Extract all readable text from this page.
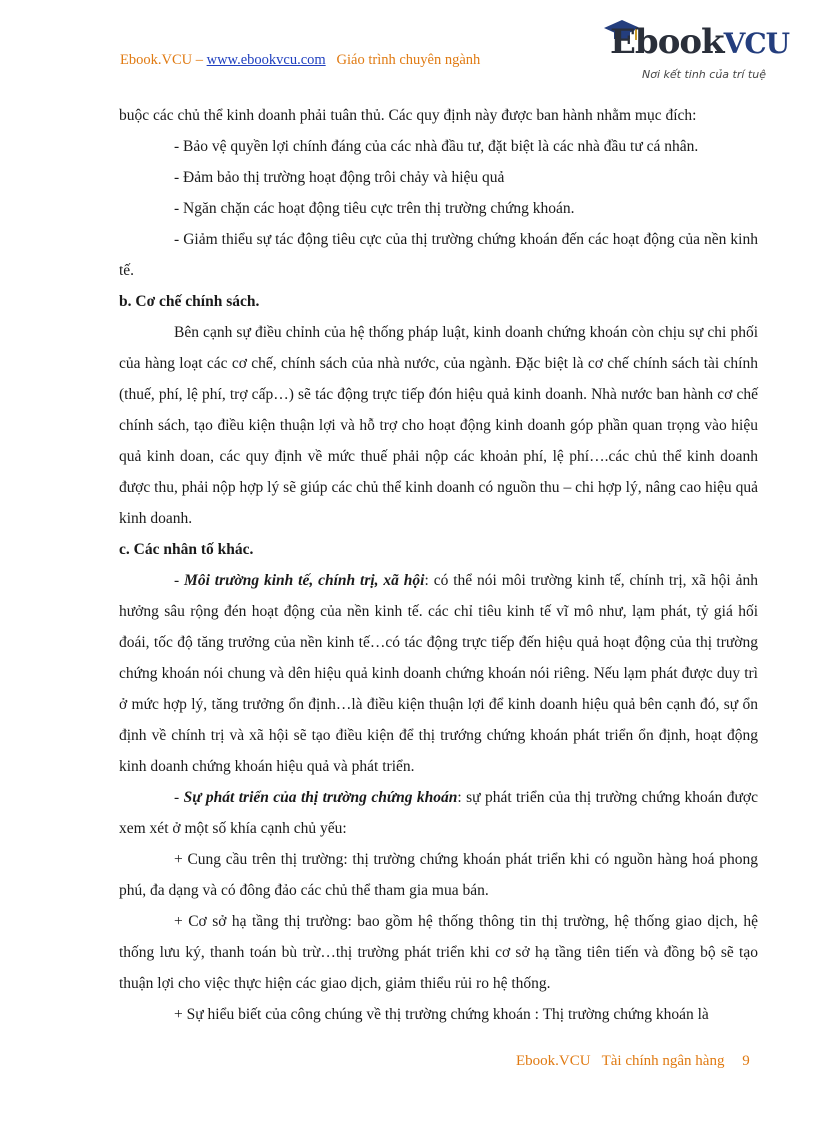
Ebook.VCU – www.ebookvcu.com Giáo trình chuyên ngành	EbookVCU
Nơi kết tinh của trí tuệ

buộc các chủ thể kinh doanh phải tuân thủ. Các quy định này được ban hành nhằm mục đích:

- Bảo vệ quyền lợi chính đáng của các nhà đầu tư, đặt biệt là các nhà đầu tư cá nhân.

- Đảm bảo thị trường hoạt động trôi chảy và hiệu quả

- Ngăn chặn các hoạt động tiêu cực trên thị trường chứng khoán.

- Giảm thiểu sự tác động tiêu cực của thị trường chứng khoán đến các hoạt động của nền kinh tế.

b. Cơ chế chính sách.

Bên cạnh sự điều chỉnh của hệ thống pháp luật, kinh doanh chứng khoán còn chịu sự chi phối của hàng loạt các cơ chế, chính sách của nhà nước, của ngành. Đặc biệt là cơ chế chính sách tài chính (thuế, phí, lệ phí, trợ cấp…) sẽ tác động trực tiếp đón hiệu quả kinh doanh. Nhà nước ban hành cơ chế chính sách, tạo điều kiện thuận lợi và hỗ trợ cho hoạt động kinh doanh góp phần quan trọng vào hiệu quả kinh doan, các quy định về mức thuế phải nộp các khoản phí, lệ phí….các chủ thể kinh doanh được thu, phải nộp hợp lý sẽ giúp các chủ thể kinh doanh có nguồn thu – chi hợp lý, nâng cao hiệu quả kinh doanh.

c. Các nhân tố khác.

- Môi trường kinh tế, chính trị, xã hội: có thể nói môi trường kinh tế, chính trị, xã hội ảnh hưởng sâu rộng đén hoạt động của nền kinh tế. các chỉ tiêu kinh tế vĩ mô như, lạm phát, tỷ giá hối đoái, tốc độ tăng trưởng của nền kinh tế…có tác động trực tiếp đến hiệu quả hoạt động của thị trường chứng khoán nói chung và dên hiệu quả kinh doanh chứng khoán nói riêng. Nếu lạm phát được duy trì ở mức hợp lý, tăng trưởng ổn định…là điều kiện thuận lợi để kinh doanh hiệu quả bên cạnh đó, sự ổn định về chính trị và xã hội sẽ tạo điều kiện để thị trướng chứng khoán phát triển ổn định, hoạt động kinh doanh chứng khoán hiệu quả và phát triển.

- Sự phát triển của thị trường chứng khoán: sự phát triển của thị trường chứng khoán được xem xét ở một số khía cạnh chủ yếu:

+ Cung cầu trên thị trường: thị trường chứng khoán phát triển khi có nguồn hàng hoá phong phú, đa dạng và có đông đảo các chủ thể tham gia mua bán.

+ Cơ sở hạ tầng thị trường: bao gồm hệ thống thông tin thị trường, hệ thống giao dịch, hệ thống lưu ký, thanh toán bù trừ…thị trường phát triển khi cơ sở hạ tầng tiên tiến và đồng bộ sẽ tạo thuận lợi cho việc thực hiện các giao dịch, giảm thiểu rủi ro hệ thống.

+ Sự hiểu biết của công chúng về thị trường chứng khoán : Thị trường chứng khoán là

Ebook.VCU Tài chính ngân hàng 9
